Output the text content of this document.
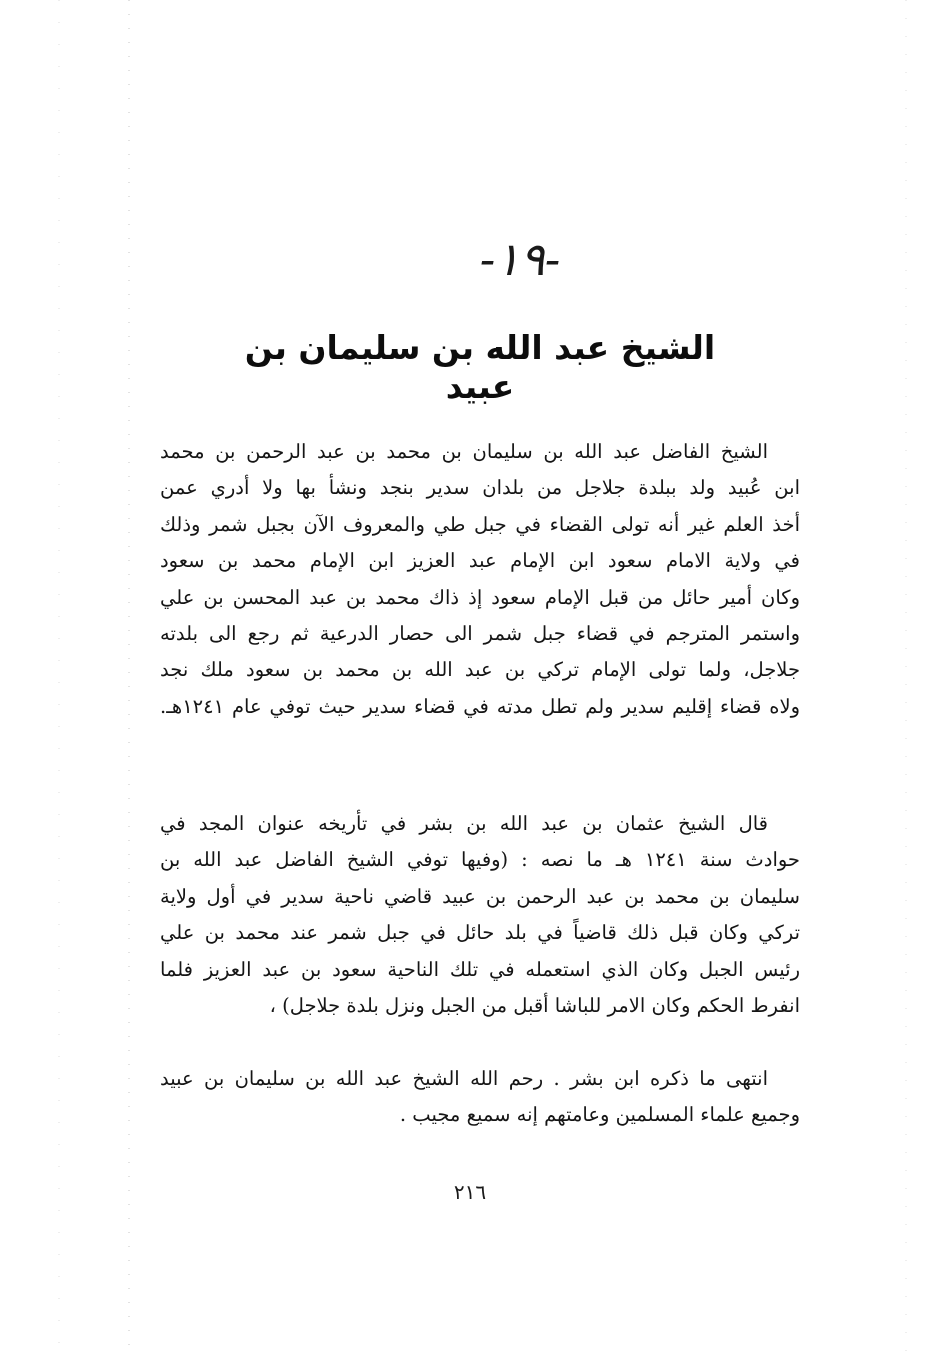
-١٩-
الشيخ عبد الله بن سليمان بن عبيد
الشيخ الفاضل عبد الله بن سليمان بن محمد بن عبد الرحمن بن محمد
ابن عُبيد ولد ببلدة جلاجل من بلدان سدير بنجد ونشأ بها ولا أدري عمن
أخذ العلم غير أنه تولى القضاء في جبل طي والمعروف الآن بجبل شمر وذلك
في ولاية الامام سعود ابن الإمام عبد العزيز ابن الإمام محمد بن سعود
وكان أمير حائل من قبل الإمام سعود إذ ذاك محمد بن عبد المحسن بن علي
واستمر المترجم في قضاء جبل شمر الى حصار الدرعية ثم رجع الى بلدته
جلاجل، ولما تولى الإمام تركي بن عبد الله بن محمد بن سعود ملك نجد
ولاه قضاء إقليم سدير ولم تطل مدته في قضاء سدير حيث توفي عام ١٢٤١هـ.
قال الشيخ عثمان بن عبد الله بن بشر في تأريخه عنوان المجد في
حوادث سنة ١٢٤١ هـ ما نصه : (وفيها توفي الشيخ الفاضل عبد الله بن
سليمان بن محمد بن عبد الرحمن بن عبيد قاضي ناحية سدير في أول ولاية
تركي وكان قبل ذلك قاضياً في بلد حائل في جبل شمر عند محمد بن علي
رئيس الجبل وكان الذي استعمله في تلك الناحية سعود بن عبد العزيز فلما
انفرط الحكم وكان الامر للباشا أقبل من الجبل ونزل بلدة جلاجل) ،
انتهى ما ذكره ابن بشر . رحم الله الشيخ عبد الله بن سليمان بن عبيد
وجميع علماء المسلمين وعامتهم إنه سميع مجيب .
٢١٦
